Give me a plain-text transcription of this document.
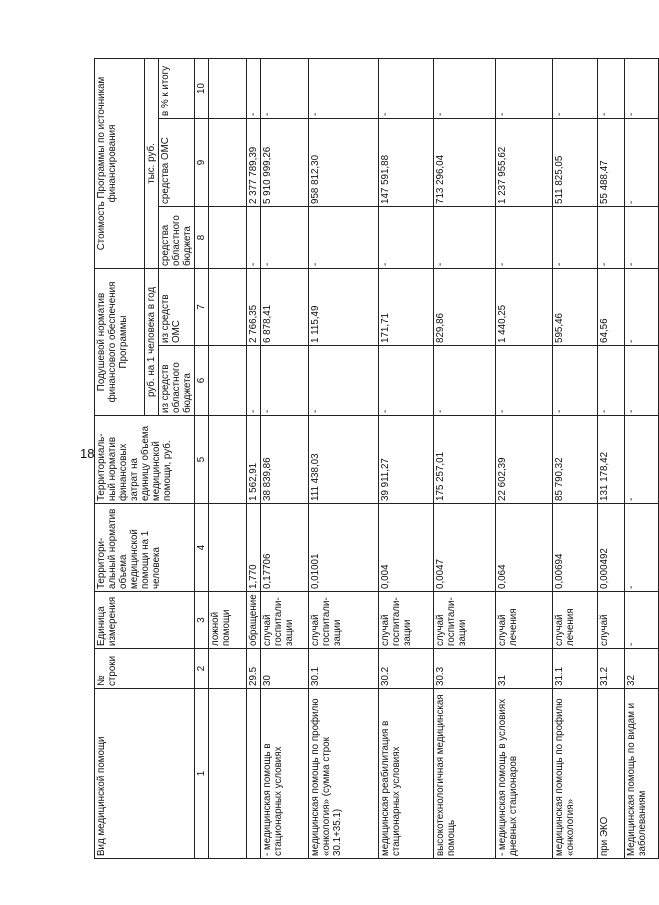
18
Вид медицинской помощи	№ строки	Единица измерения	Территори-альный норматив объема медицинской помощи на 1 человека	Территориаль-ный норматив финансовых затрат на единицу объема медицинской помощи, руб.	Подушевой норматив финансового обеспечения Программы		Стоимость Программы по источникам финансирования		
					руб. на 1 человека в год		тыс. руб.		
					из средств областного бюджета	из средств ОМС	средства областного бюджета	средства ОМС	в % к итогу
1	2	3	4	5	6	7	8	9	10
		ложной помощи							
	29.5	обращение	1,770	1 562,91	-	2 766,35	-	2 377 789,39	-
- медицинская помощь в стационарных условиях	30	случай госпитали-зации	0,17706	38 839,86	-	6 878,41	-	5 910 999,26	-
медицинская помощь по профилю «онкология» (сумма строк 30.1+35.1)	30.1	случай госпитали-зации	0,01001	111 438,03	-	1 115,49	-	958 812,30	-
медицинская реабилитация в стационарных условиях	30.2	случай госпитали-зации	0,004	39 911,27	-	171,71	-	147 591,88	-
высокотехнологичная медицинская помощь	30.3	случай госпитали-зации	0,0047	175 257,01	-	829,86	-	713 296,04	-
- медицинская помощь в условиях дневных стационаров	31	случай лечения	0,064	22 602,39	-	1 440,25	-	1 237 955,62	-
медицинская помощь по профилю «онкология»	31.1	случай лечения	0,00694	85 790,32	-	595,46	-	511 825,05	-
при ЭКО	31.2	случай	0,000492	131 178,42	-	64,56	-	55 488,47	-
Медицинская помощь по видам и заболеваниям	32	-	-	-	-	-	-	-	-
